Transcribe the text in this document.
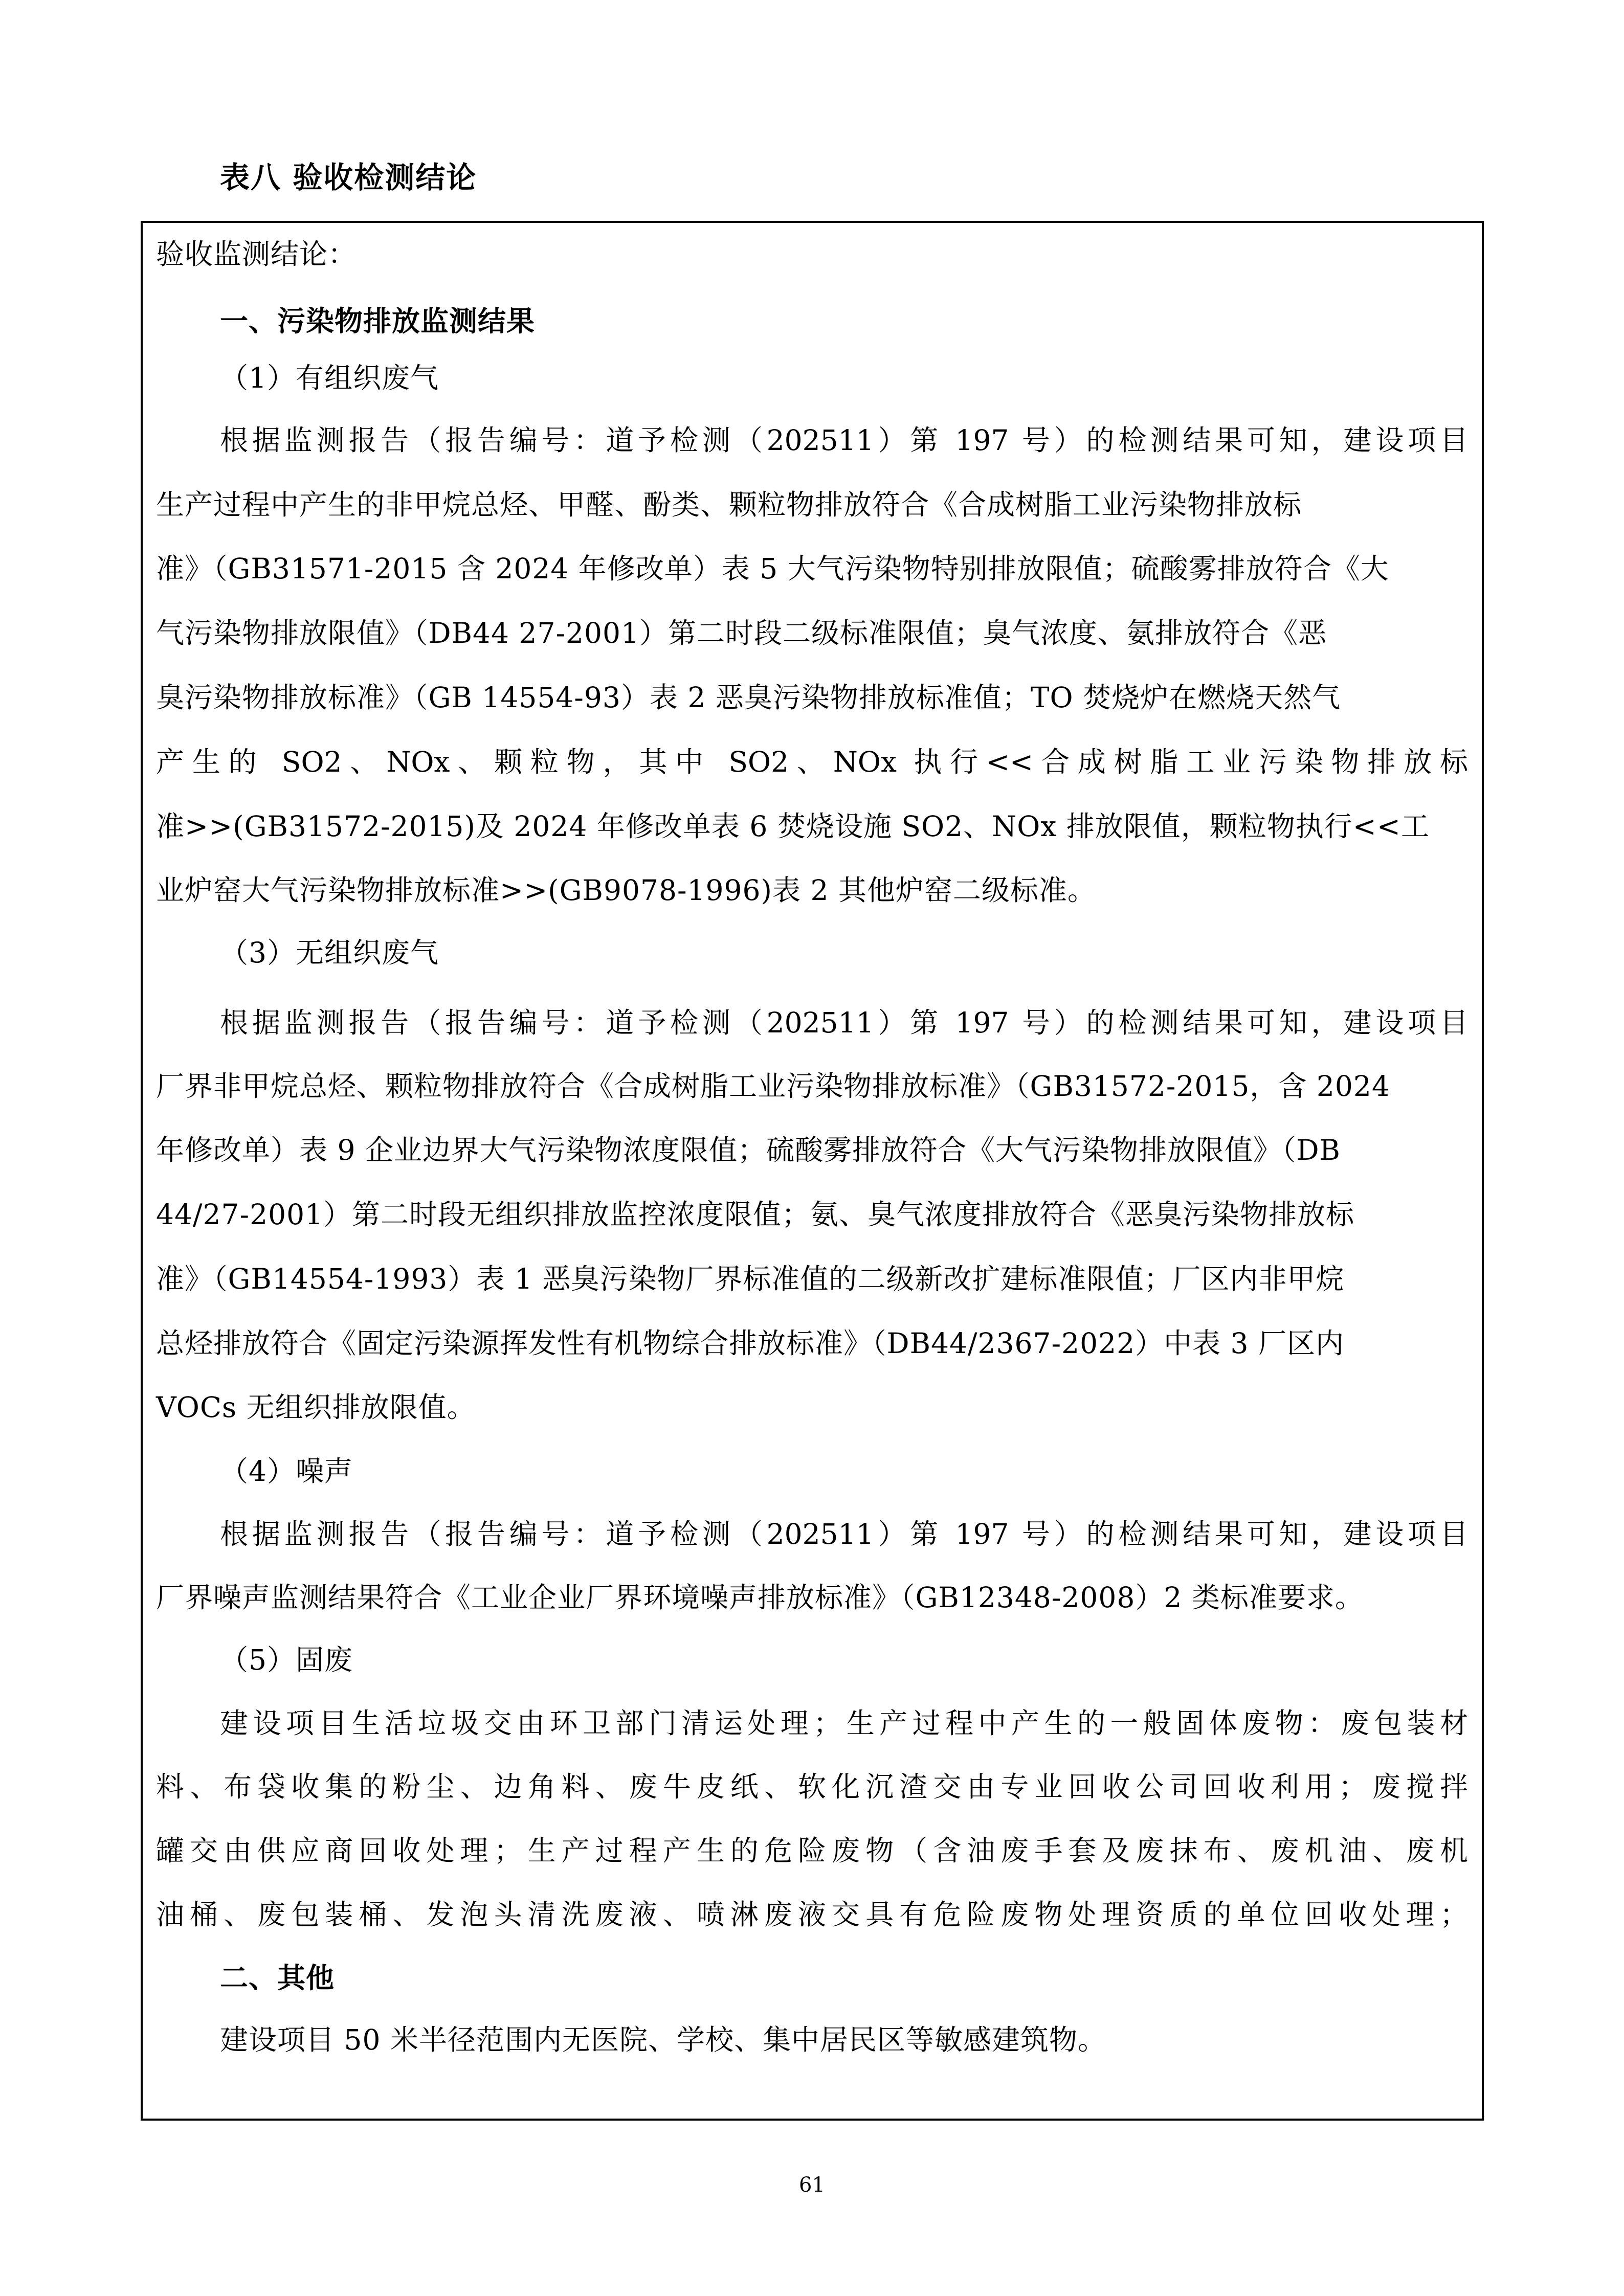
表八 验收检测结论
验收监测结论：
一、污染物排放监测结果
（1）有组织废气
根据监测报告（报告编号：道予检测（202511）第 197 号）的检测结果可知，建设项目
生产过程中产生的非甲烷总烃、甲醛、酚类、颗粒物排放符合《合成树脂工业污染物排放标
准》（GB31571-2015 含 2024 年修改单）表 5 大气污染物特别排放限值；硫酸雾排放符合《大
气污染物排放限值》（DB44 27-2001）第二时段二级标准限值；臭气浓度、氨排放符合《恶
臭污染物排放标准》（GB 14554-93）表 2 恶臭污染物排放标准值；TO 焚烧炉在燃烧天然气
产生的 SO2、NOx、颗粒物，其中 SO2、NOx 执行<<合成树脂工业污染物排放标
准>>(GB31572-2015)及 2024 年修改单表 6 焚烧设施 SO2、NOx 排放限值，颗粒物执行<<工
业炉窑大气污染物排放标准>>(GB9078-1996)表 2 其他炉窑二级标准。
（3）无组织废气
根据监测报告（报告编号：道予检测（202511）第 197 号）的检测结果可知，建设项目
厂界非甲烷总烃、颗粒物排放符合《合成树脂工业污染物排放标准》（GB31572-2015，含 2024
年修改单）表 9 企业边界大气污染物浓度限值；硫酸雾排放符合《大气污染物排放限值》（DB
44/27-2001）第二时段无组织排放监控浓度限值；氨、臭气浓度排放符合《恶臭污染物排放标
准》（GB14554-1993）表 1 恶臭污染物厂界标准值的二级新改扩建标准限值；厂区内非甲烷
总烃排放符合《固定污染源挥发性有机物综合排放标准》（DB44/2367-2022）中表 3 厂区内
VOCs 无组织排放限值。
（4）噪声
根据监测报告（报告编号：道予检测（202511）第 197 号）的检测结果可知，建设项目
厂界噪声监测结果符合《工业企业厂界环境噪声排放标准》（GB12348-2008）2 类标准要求。
（5）固废
建设项目生活垃圾交由环卫部门清运处理；生产过程中产生的一般固体废物：废包装材
料、布袋收集的粉尘、边角料、废牛皮纸、软化沉渣交由专业回收公司回收利用；废搅拌
罐交由供应商回收处理；生产过程产生的危险废物（含油废手套及废抹布、废机油、废机
油桶、废包装桶、发泡头清洗废液、喷淋废液交具有危险废物处理资质的单位回收处理；
二、其他
建设项目 50 米半径范围内无医院、学校、集中居民区等敏感建筑物。
61
